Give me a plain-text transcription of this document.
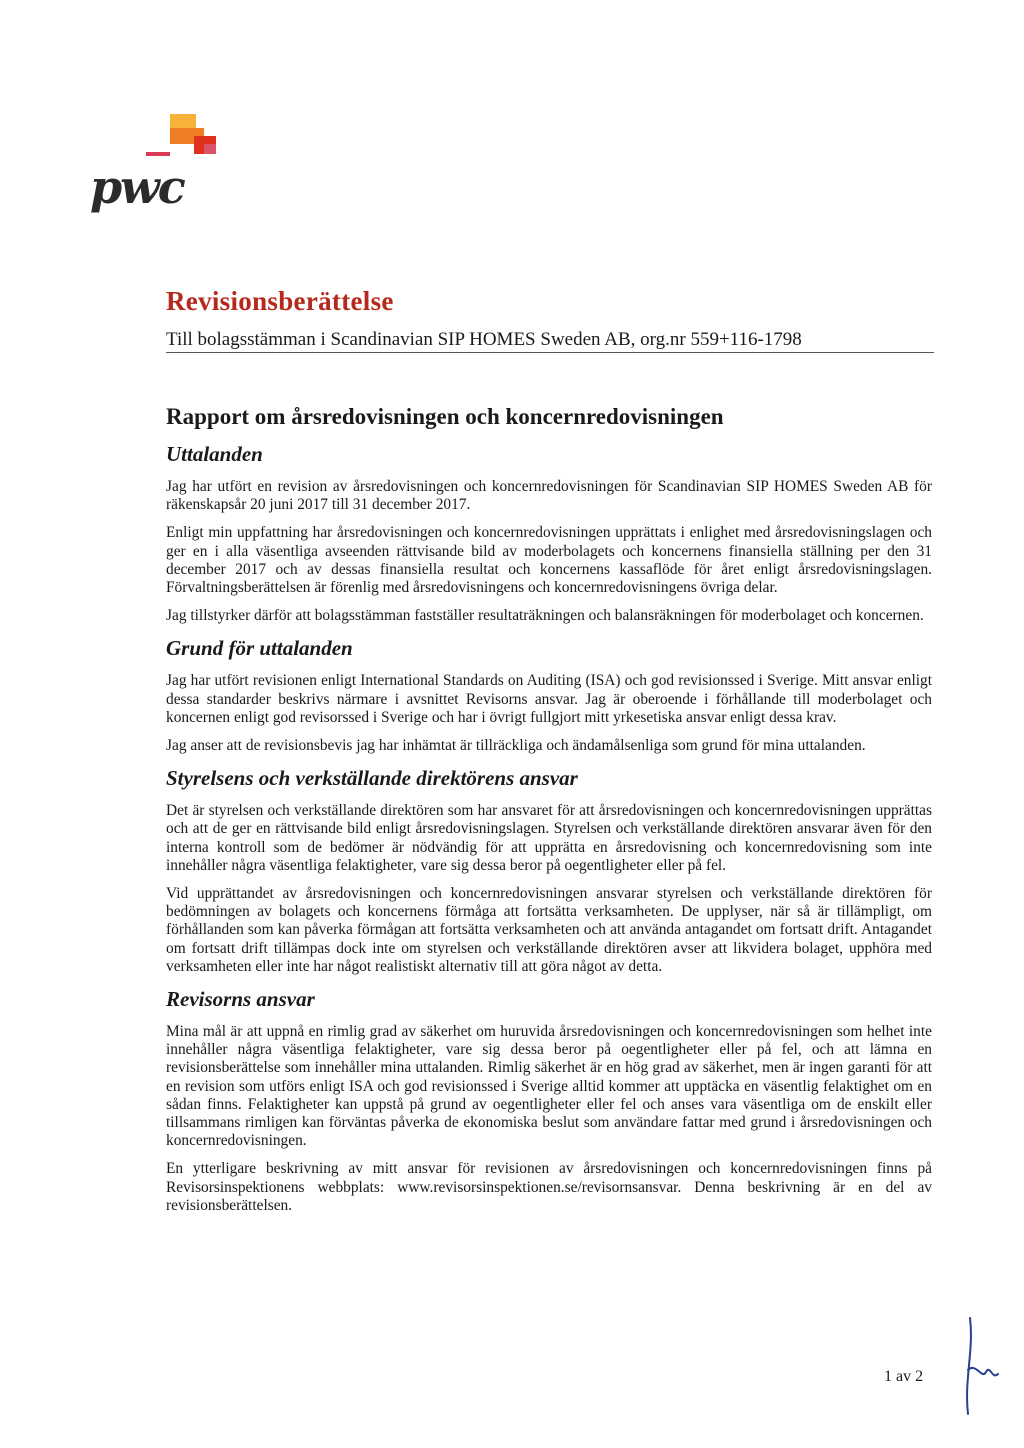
pwc
Revisionsberättelse
Till bolagsstämman i Scandinavian SIP HOMES Sweden AB, org.nr 559+116-1798
Rapport om årsredovisningen och koncernredovisningen
Uttalanden

Jag har utfört en revision av årsredovisningen och koncernredovisningen för Scandinavian SIP HOMES Sweden AB för räkenskapsår 20 juni 2017 till 31 december 2017.

Enligt min uppfattning har årsredovisningen och koncernredovisningen upprättats i enlighet med årsredovisningslagen och ger en i alla väsentliga avseenden rättvisande bild av moderbolagets och koncernens finansiella ställning per den 31 december 2017 och av dessas finansiella resultat och koncernens kassaflöde för året enligt årsredovisningslagen. Förvaltningsberättelsen är förenlig med årsredovisningens och koncernredovisningens övriga delar.

Jag tillstyrker därför att bolagsstämman fastställer resultaträkningen och balansräkningen för moderbolaget och koncernen.

Grund för uttalanden

Jag har utfört revisionen enligt International Standards on Auditing (ISA) och god revisionssed i Sverige. Mitt ansvar enligt dessa standarder beskrivs närmare i avsnittet Revisorns ansvar. Jag är oberoende i förhållande till moderbolaget och koncernen enligt god revisorssed i Sverige och har i övrigt fullgjort mitt yrkesetiska ansvar enligt dessa krav.

Jag anser att de revisionsbevis jag har inhämtat är tillräckliga och ändamålsenliga som grund för mina uttalanden.

Styrelsens och verkställande direktörens ansvar

Det är styrelsen och verkställande direktören som har ansvaret för att årsredovisningen och koncernredovisningen upprättas och att de ger en rättvisande bild enligt årsredovisningslagen. Styrelsen och verkställande direktören ansvarar även för den interna kontroll som de bedömer är nödvändig för att upprätta en årsredovisning och koncernredovisning som inte innehåller några väsentliga felaktigheter, vare sig dessa beror på oegentligheter eller på fel.

Vid upprättandet av årsredovisningen och koncernredovisningen ansvarar styrelsen och verkställande direktören för bedömningen av bolagets och koncernens förmåga att fortsätta verksamheten. De upplyser, när så är tillämpligt, om förhållanden som kan påverka förmågan att fortsätta verksamheten och att använda antagandet om fortsatt drift. Antagandet om fortsatt drift tillämpas dock inte om styrelsen och verkställande direktören avser att likvidera bolaget, upphöra med verksamheten eller inte har något realistiskt alternativ till att göra något av detta.

Revisorns ansvar

Mina mål är att uppnå en rimlig grad av säkerhet om huruvida årsredovisningen och koncernredovisningen som helhet inte innehåller några väsentliga felaktigheter, vare sig dessa beror på oegentligheter eller på fel, och att lämna en revisionsberättelse som innehåller mina uttalanden. Rimlig säkerhet är en hög grad av säkerhet, men är ingen garanti för att en revision som utförs enligt ISA och god revisionssed i Sverige alltid kommer att upptäcka en väsentlig felaktighet om en sådan finns. Felaktigheter kan uppstå på grund av oegentligheter eller fel och anses vara väsentliga om de enskilt eller tillsammans rimligen kan förväntas påverka de ekonomiska beslut som användare fattar med grund i årsredovisningen och koncernredovisningen.

En ytterligare beskrivning av mitt ansvar för revisionen av årsredovisningen och koncernredovisningen finns på Revisorsinspektionens webbplats: www.revisorsinspektionen.se/revisornsansvar. Denna beskrivning är en del av revisionsberättelsen.

1 av 2
